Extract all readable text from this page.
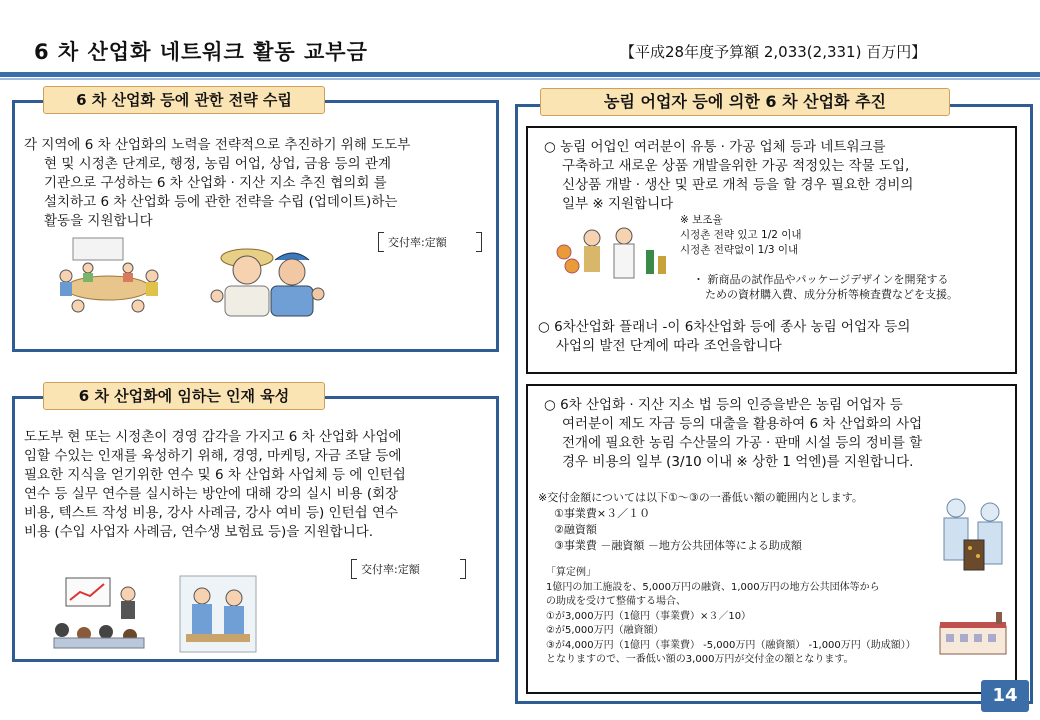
6 차 산업화 네트워크 활동 교부금	【平成28年度予算額 2,033(2,331) 百万円】
6 차 산업화 등에 관한 전략 수립

각 지역에 6 차 산업화의 노력을 전략적으로 추진하기 위해 도도부

현 및 시정촌 단계로, 행정, 농림 어업, 상업, 금융 등의 관계

기관으로 구성하는 6 차 산업화 · 지산 지소 추진 협의회 를

설치하고 6 차 산업화 등에 관한 전략을 수립 (업데이트)하는

활동을 지원합니다

交付率:定額
6 차 산업화에 임하는 인재 육성

도도부 현 또는 시정촌이 경영 감각을 가지고 6 차 산업화 사업에

임할 수있는 인재를 육성하기 위해, 경영, 마케팅, 자금 조달 등에

필요한 지식을 얻기위한 연수 및 6 차 산업화 사업체 등 에 인턴쉽

연수 등 실무 연수를 실시하는 방안에 대해 강의 실시 비용 (회장

비용, 텍스트 작성 비용, 강사 사례금, 강사 여비 등) 인턴쉽 연수

비용 (수입 사업자 사례금, 연수생 보험료 등)을 지원합니다.

交付率:定額
농림 어업자 등에 의한 6 차 산업화 추진

○ 농림 어업인 여러분이 유통 · 가공 업체 등과 네트워크를

구축하고 새로운 상품 개발을위한 가공 적정있는 작물 도입,

신상품 개발 · 생산 및 판로 개척 등을 할 경우 필요한 경비의

일부 ※ 지원합니다

※ 보조율

시정촌 전략 있고 1/2 이내

시정촌 전략없이 1/3 이내

・ 新商品の試作品やパッケージデザインを開発する

ための資材購入費、成分分析等検査費などを支援。

○ 6차산업화 플래너 -이 6차산업화 등에 종사 농림 어업자 등의

사업의 발전 단계에 따라 조언을합니다

○ 6차 산업화 · 지산 지소 법 등의 인증을받은 농림 어업자 등

여러분이 제도 자금 등의 대출을 활용하여 6 차 산업화의 사업

전개에 필요한 농림 수산물의 가공 · 판매 시설 등의 정비를 할

경우 비용의 일부 (3/10 이내 ※ 상한 1 억엔)를 지원합니다.

※交付金額については以下①～③の一番低い額の範囲内とします。

①事業費×３／１０

②融資額

③事業費 －融資額 －地方公共団体等による助成額

「算定例」

1億円の加工施設を、5,000万円の融資、1,000万円の地方公共団体等から

の助成を受けて整備する場合、

①が3,000万円（1億円（事業費）×３／10）

②が5,000万円（融資額）

③が4,000万円（1億円（事業費） -5,000万円（融資額） -1,000万円（助成額））

となりますので、一番低い額の3,000万円が交付金の額となります。

14
